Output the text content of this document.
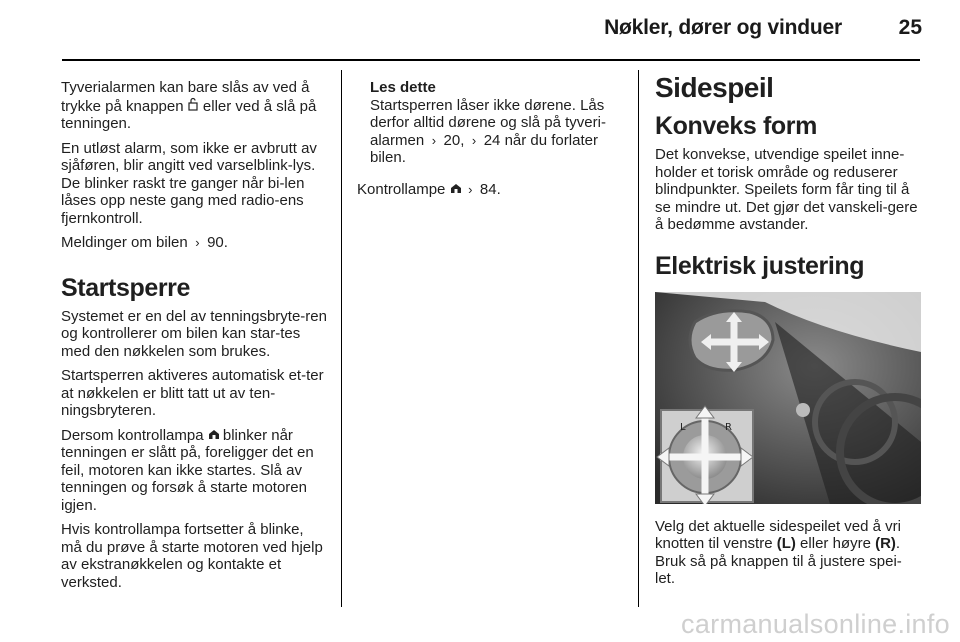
Nøkler, dører og vinduer	25

Tyverialarmen kan bare slås av ved å trykke på knappen  eller ved å slå på tenningen.

En utløst alarm, som ikke er avbrutt av sjåføren, blir angitt ved varselblink-lys. De blinker raskt tre ganger når bi-len låses opp neste gang med radio-ens fjernkontroll.

Meldinger om bilen › 90.

Startsperre

Systemet er en del av tenningsbryte-ren og kontrollerer om bilen kan star-tes med den nøkkelen som brukes.

Startsperren aktiveres automatisk et-ter at nøkkelen er blitt tatt ut av ten-ningsbryteren.

Dersom kontrollampa  blinker når tenningen er slått på, foreligger det en feil, motoren kan ikke startes. Slå av tenningen og forsøk å starte motoren igjen.

Hvis kontrollampa fortsetter å blinke, må du prøve å starte motoren ved hjelp av ekstranøkkelen og kontakte et verksted.

Les dette
Startsperren låser ikke dørene. Lås derfor alltid dørene og slå på tyveri-alarmen › 20, › 24 når du forlater bilen.

Kontrollampe  › 84.

Sidespeil
Konveks form

Det konvekse, utvendige speilet inne-holder et torisk område og reduserer blindpunkter. Speilets form får ting til å se mindre ut. Det gjør det vanskeli-gere å bedømme avstander.

Elektrisk justering
L	R

Velg det aktuelle sidespeilet ved å vri knotten til venstre (L) eller høyre (R). Bruk så på knappen til å justere spei-let.

carmanualsonline.info
